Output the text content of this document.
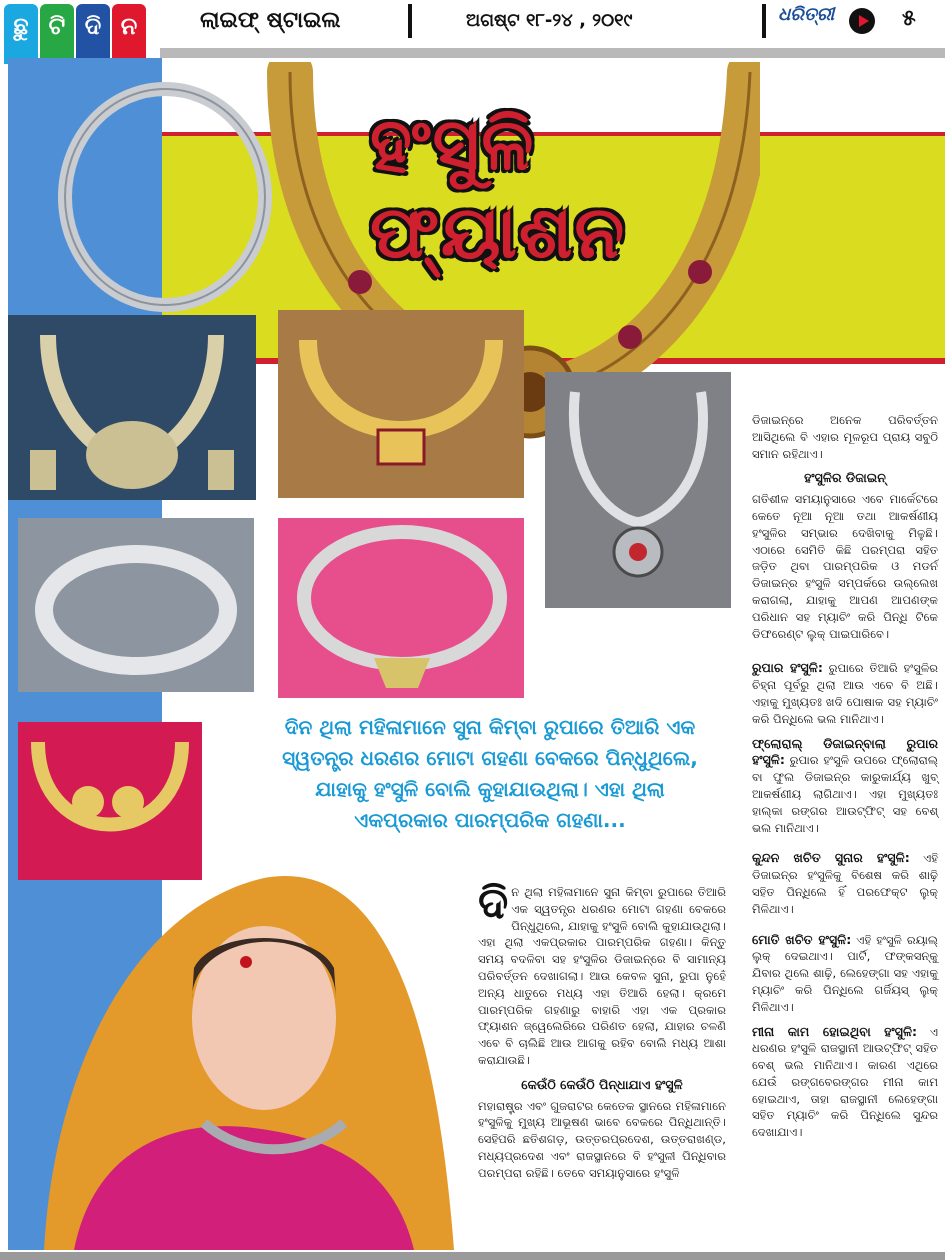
ଛୁ ଟି ଦି ନ	ଲାଇଫ୍ ଷ୍ଟାଇଲ	ଅଗଷ୍ଟ ୧୮-୨୪ , ୨୦୧୯	ଧରିତ୍ରୀ	୫
ହଂସୁଳି ଫ୍ୟାଶନ

ଦିନ ଥିଲା ମହିଳାମାନେ ସୁନା କିମ୍ବା ରୁପାରେ ତିଆରି ଏକ ସ୍ୱତନ୍ତ୍ର ଧରଣର ମୋଟା ଗହଣା ବେକରେ ପିନ୍ଧୁଥିଲେ, ଯାହାକୁ ହଂସୁଳି ବୋଲି କୁହାଯାଉଥିଲା। ଏହା ଥିଲା ଏକପ୍ରକାର ପାରମ୍ପରିକ ଗହଣା...

ଦିନ ଥିଲା ମହିଳାମାନେ ସୁନା କିମ୍ବା ରୁପାରେ ତିଆରି ଏକ ସ୍ୱତନ୍ତ୍ର ଧରଣର ମୋଟା ଗହଣା ବେକରେ ପିନ୍ଧୁଥିଲେ, ଯାହାକୁ ହଂସୁଳି ବୋଲି କୁହାଯାଉଥିଲା। ଏହା ଥିଲା ଏକପ୍ରକାର ପାରମ୍ପରିକ ଗହଣା। କିନ୍ତୁ ସମୟ ବଦଳିବା ସହ ହଂସୁଳିର ଡିଜାଇନ୍‌ରେ ବି ସାମାନ୍ୟ ପରିବର୍ତ୍ତନ ଦେଖାଗଲା। ଆଉ କେବଳ ସୁନା, ରୁପା ନୁହେଁ ଅନ୍ୟ ଧାତୁରେ ମଧ୍ୟ ଏହା ତିଆରି ହେଲା। କ୍ରମେ ପାରମ୍ପରିକ ଗହଣାରୁ ବାହାରି ଏହା ଏକ ପ୍ରକାର ଫ୍ୟାଶନ ଜ୍ୱେଲେରିରେ ପରିଣତ ହେଲା, ଯାହାର ଚଳଣି ଏବେ ବି ଚାଲିଛି ଆଉ ଆଗକୁ ରହିବ ବୋଲି ମଧ୍ୟ ଆଶା କରାଯାଉଛି।

କେଉଁଠି କେଉଁଠି ପିନ୍ଧାଯାଏ ହଂସୁଳି

ମହାରାଷ୍ଟ୍ର ଏବଂ ଗୁଜରାଟର କେତେକ ସ୍ଥାନରେ ମହିଳାମାନେ ହଂସୁଳିକୁ ମୁଖ୍ୟ ଆଭୂଷଣ ଭାବେ ବେକରେ ପିନ୍ଧିଥାନ୍ତି। ସେହିପରି ଛତିଶଗଡ଼, ଉତ୍ତରପ୍ରଦେଶ, ଉତ୍ତରାଖଣ୍ଡ, ମଧ୍ୟପ୍ରଦେଶ ଏବଂ ରାଜସ୍ଥାନରେ ବି ହଂସୁଳୀ ପିନ୍ଧିବାର ପରମ୍ପରା ରହିଛି। ତେବେ ସମୟାନୁସାରେ ହଂସୁଳି

ଡିଜାଇନ୍‌ରେ ଅନେକ ପରିବର୍ତ୍ତନ ଆସିଥିଲେ ବି ଏହାର ମୂଳରୂପ ପ୍ରାୟ ସବୁଠି ସମାନ ରହିଥାଏ।

ହଂସୁଳିର ଡିଜାଇନ୍

ଗତିଶୀଳ ସମୟାନୁସାରେ ଏବେ ମାର୍କେଟରେ କେତେ ନୂଆ ନୂଆ ତଥା ଆକର୍ଷଣୀୟ ହଂସୁଳିର ସମ୍ଭାର ଦେଖିବାକୁ ମିଳୁଛି। ଏଠାରେ ସେମିତି କିଛି ପରମ୍ପରା ସହିତ ଜଡ଼ିତ ଥିବା ପାରମ୍ପରିକ ଓ ମଡର୍ନ ଡିଜାଇନ୍‌ର ହଂସୁଳି ସମ୍ପର୍କରେ ଉଲ୍ଲେଖ କରାଗଲା, ଯାହାକୁ ଆପଣ ଆପଣଙ୍କ ପରିଧାନ ସହ ମ୍ୟାଚିଂ କରି ପିନ୍ଧି ଟିକେ ଡିଫରେଣ୍ଟ ଲୁକ୍ ପାଇପାରିବେ।

ରୁପାର ହଂସୁଳି: ରୁପାରେ ତିଆରି ହଂସୁଳିର ଚିହ୍ନା ପୂର୍ବରୁ ଥିଲା ଆଉ ଏବେ ବି ଅଛି। ଏହାକୁ ମୁଖ୍ୟତଃ ଖଦି ପୋଷାକ ସହ ମ୍ୟାଚିଂ କରି ପିନ୍ଧିଲେ ଭଲ ମାନିଥାଏ।

ଫ୍ଲୋରାଲ୍ ଡିଜାଇନ୍‌ବାଲା ରୁପାର ହଂସୁଳି: ରୁପାର ହଂସୁଳି ଉପରେ ଫ୍ଲୋରାଲ୍ ବା ଫୁଲ ଡିଜାଇନ୍‌ର କାରୁକାର୍ଯ୍ୟ ଖୁବ୍ ଆକର୍ଷଣୀୟ ଲାଗିଥାଏ। ଏହା ମୁଖ୍ୟତଃ ହାଲ୍କା ରଙ୍ଗର ଆଉଟ୍‌ଫିଟ୍ ସହ ବେଶ୍ ଭଲ ମାନିଥାଏ।

କୁନ୍ଦନ ଖଚିତ ସୁନାର ହଂସୁଳି: ଏହି ଡିଜାଇନ୍‌ର ହଂସୁଳିକୁ ବିଶେଷ କରି ଶାଢ଼ି ସହିତ ପିନ୍ଧିଲେ ହିଁ ପରଫେକ୍ଟ ଲୁକ୍ ମିଳିଥାଏ।

ମୋତି ଖଚିତ ହଂସୁଳି: ଏହି ହଂସୁଳି ରୟାଲ୍ ଲୁକ୍ ଦେଇଥାଏ। ପାର୍ଟି, ଫଙ୍କସନ୍‌କୁ ଯିବାର ଥିଲେ ଶାଢ଼ି, ଲେହେଙ୍ଗା ସହ ଏହାକୁ ମ୍ୟାଚିଂ କରି ପିନ୍ଧିଲେ ଗର୍ଜିୟସ୍ ଲୁକ୍ ମିଳିଥାଏ।

ମୀନା କାମ ହୋଇଥିବା ହଂସୁଳି: ଏ ଧରଣର ହଂସୁଳି ରାଜସ୍ଥାନୀ ଆଉଟ୍‌ଫିଟ୍ ସହିତ ବେଶ୍ ଭଲ ମାନିଥାଏ। କାରଣ ଏଥିରେ ଯେଉଁ ରଙ୍ଗବେରଙ୍ଗର ମୀନା କାମ ହୋଇଥାଏ, ତାହା ରାଜସ୍ଥାନୀ ଲେହେଙ୍ଗା ସହିତ ମ୍ୟାଚିଂ କରି ପିନ୍ଧିଲେ ସୁନ୍ଦର ଦେଖାଯାଏ।
